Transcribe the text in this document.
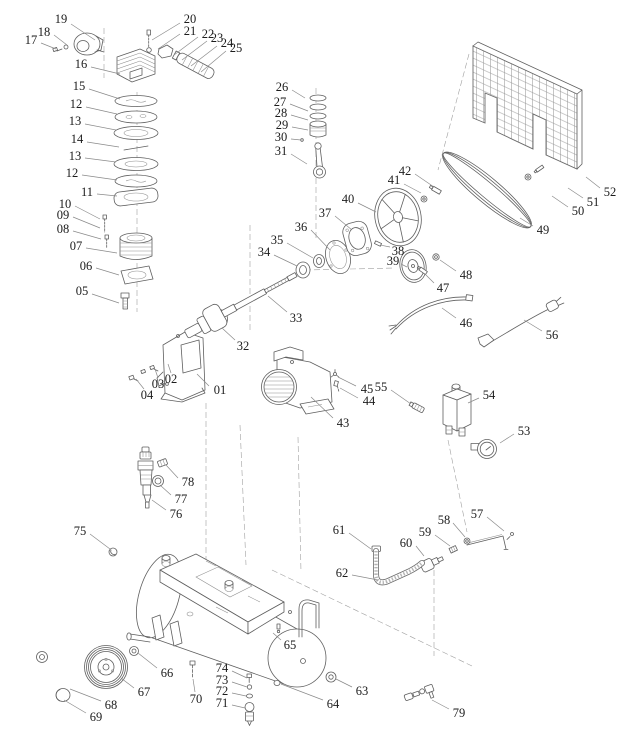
01
02
03
04
05
06
07
08
09
10
11
12
13
14
13
12
15
16
17
18
19	20
21 22
23
24
25
26
27
28
29
30
31
32
33
34
35
36
37
38
39
40
41
42
43
44
45
46
47
48
49
50
51
52
53
54
55
56
57
58
59
60
61
62
63
64
65
66
67
68
69
70 71
72
73
74
75
76
77
78
79
